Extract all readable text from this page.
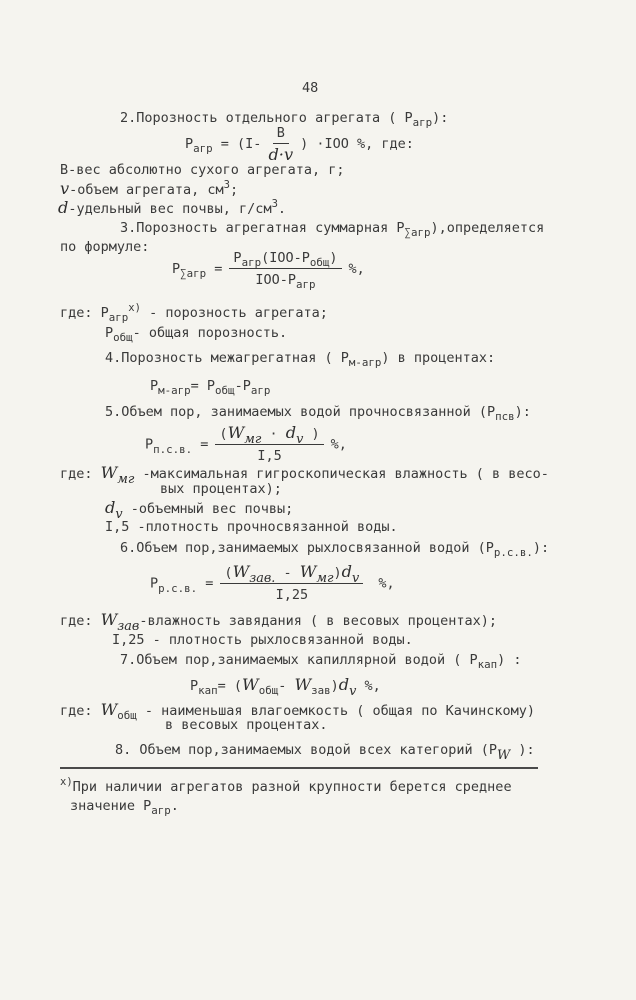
48
2.Порозность отдельного агрегата ( $Р_{агр}$):
$Р_{агр} = (I- \frac{В}{d\cdot v}$ ) ·IOO %, где:
В-вес абсолютно сухого агрегата, г;
v-объем агрегата, $см^3$;
d-удельный вес почвы, $г/см^3$.
3.Порозность агрегатная суммарная $Р_{\sum агр}),определяется$
по формуле:
$Р_{\sum агр} = \frac{Р_{агр}(IOO-Р_{общ})}{IOO-Р_{агр}}$ %,
где: $Р_{агр}^{x)}$ - порозность агрегата;
$Р_{общ}-$ общая порозность.
4.Порозность межагрегатная ( $Р_{м-агр}$) в процентах:
$Р_{м-агр}= Р_{общ}-Р_{агр}$
5.Объем пор, занимаемых водой прочносвязанной $(Р_{псв})$:
$Р_{п.с.в.} = \frac{(W_{мг} \cdot d_v )}{I,5}$ %,
где: $W_{мг}$ -максимальная гигроскопическая влажность ( в весо-
вых процентах);
$d_v$ -объемный вес почвы;
I,5 -плотность прочносвязанной воды.
6.Объем пор,занимаемых рыхлосвязанной водой $(Р_{р.с.в.})$:
$Р_{р.с.в.} = \frac{(W_{зав.} - W_{мг})d_v}{I,25}$ %,
где: $W_{зав}$-влажность завядания ( в весовых процентах);
I,25 - плотность рыхлосвязанной воды.
7.Объем пор,занимаемых капиллярной водой ( $Р_{кап}$) :
$Р_{кап}= (W_{общ}-$ $W_{зав})d_v$ %,
где: $W_{общ}$ - наименьшая влагоемкость ( общая по Качинскому)
в весовых процентах.
8. Объем пор,занимаемых водой всех категорий ($Р_W$ ):
$^{x)}$При наличии агрегатов разной крупности берется среднее
значение $Р_{агр}$.
